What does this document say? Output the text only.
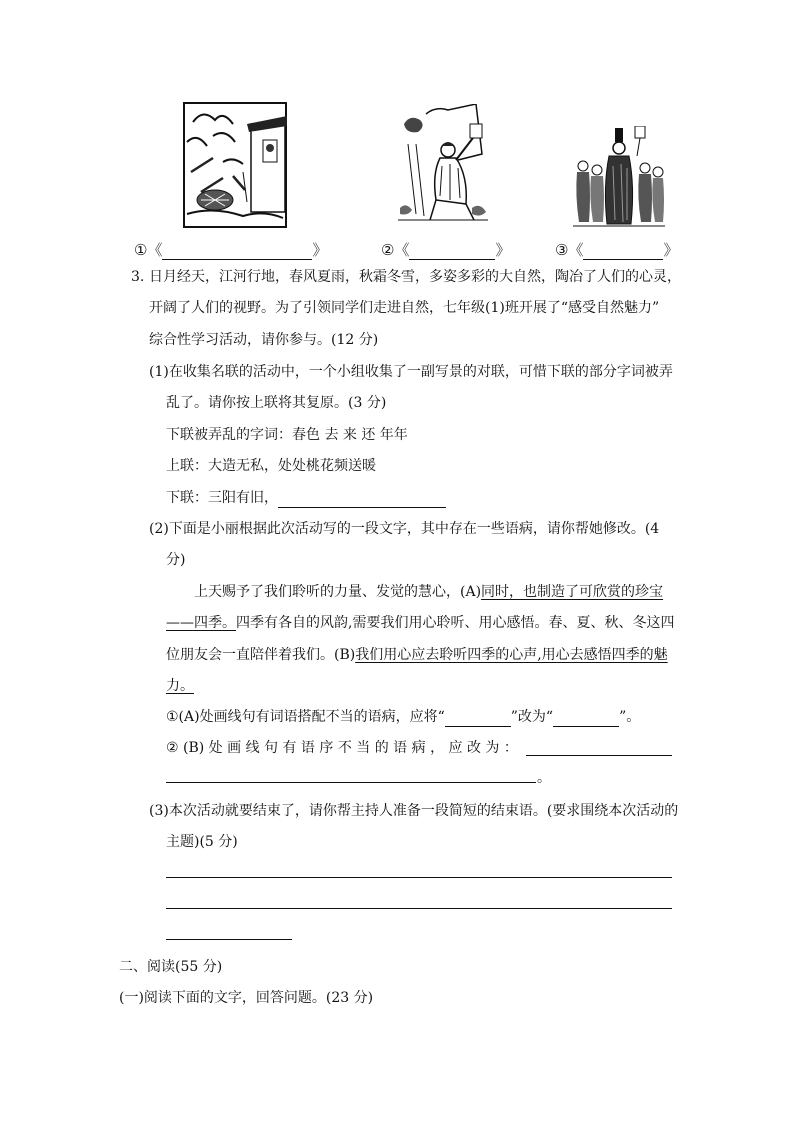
①《	》	②《	》	③《	》
3. 日月经天，江河行地，春风夏雨，秋霜冬雪，多姿多彩的大自然，陶冶了人们的心灵，
开阔了人们的视野。为了引领同学们走进自然，七年级(1)班开展了“感受自然魅力”
综合性学习活动，请你参与。(12 分)
(1)在收集名联的活动中，一个小组收集了一副写景的对联，可惜下联的部分字词被弄
乱了。请你按上联将其复原。(3 分)
下联被弄乱的字词：春色 去 来 还 年年
上联：大造无私，处处桃花频送暖
下联：三阳有旧，
(2)下面是小丽根据此次活动写的一段文字，其中存在一些语病，请你帮她修改。(4
分)
上天赐予了我们聆听的力量、发觉的慧心，(A)同时，也制造了可欣赏的珍宝
——四季。四季有各自的风韵,需要我们用心聆听、用心感悟。春、夏、秋、冬这四
位朋友会一直陪伴着我们。(B)我们用心应去聆听四季的心声,用心去感悟四季的魅
力。
①(A)处画线句有词语搭配不当的语病，应将“	”改为“	”。
② (B) 处 画 线 句 有 语 序 不 当 的 语 病 ， 应 改 为 ：
。
(3)本次活动就要结束了，请你帮主持人准备一段简短的结束语。(要求围绕本次活动的
主题)(5 分)
二、阅读(55 分)
(一)阅读下面的文字，回答问题。(23 分)
